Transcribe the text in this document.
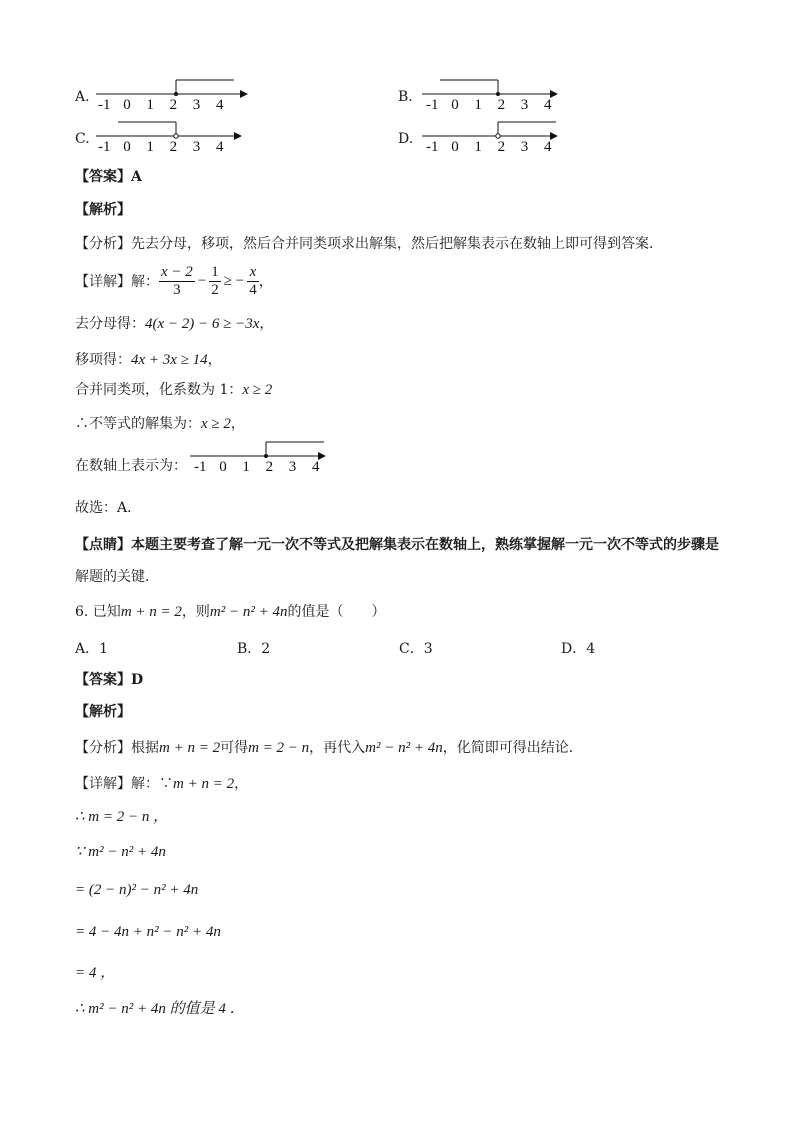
A. -1 0 1 2 3 4	B. -1 0 1 2 3 4
C. -1 0 1 2 3 4	D. -1 0 1 2 3 4
【答案】A
【解析】
【分析】先去分母，移项，然后合并同类项求出解集，然后把解集表示在数轴上即可得到答案．
【详解】解： $\frac{x - 2}{3} - \frac{1}{2}$ ≥ − $\frac{x}{4}$ ，
去分母得：4(x − 2) − 6 ≥ −3x，
移项得：4x + 3x ≥ 14，
合并同类项，化系数为 1：x ≥ 2
∴不等式的解集为：x ≥ 2，
在数轴上表示为： -1 0 1 2 3 4
故选：A．
【点睛】本题主要考查了解一元一次不等式及把解集表示在数轴上，熟练掌握解一元一次不等式的步骤是
解题的关键．
6. 已知m + n = 2，则m² − n² + 4n的值是（　　）
A．1	B．2	C．3	D．4
【答案】D
【解析】
【分析】根据m + n = 2可得m = 2 − n，再代入m² − n² + 4n，化简即可得出结论．
【详解】解：∵m + n = 2，
∴ m = 2 − n ，
∵ m² − n² + 4n
= (2 − n)² − n² + 4n
= 4 − 4n + n² − n² + 4n
= 4 ，
∴ m² − n² + 4n 的值是 4 ．
